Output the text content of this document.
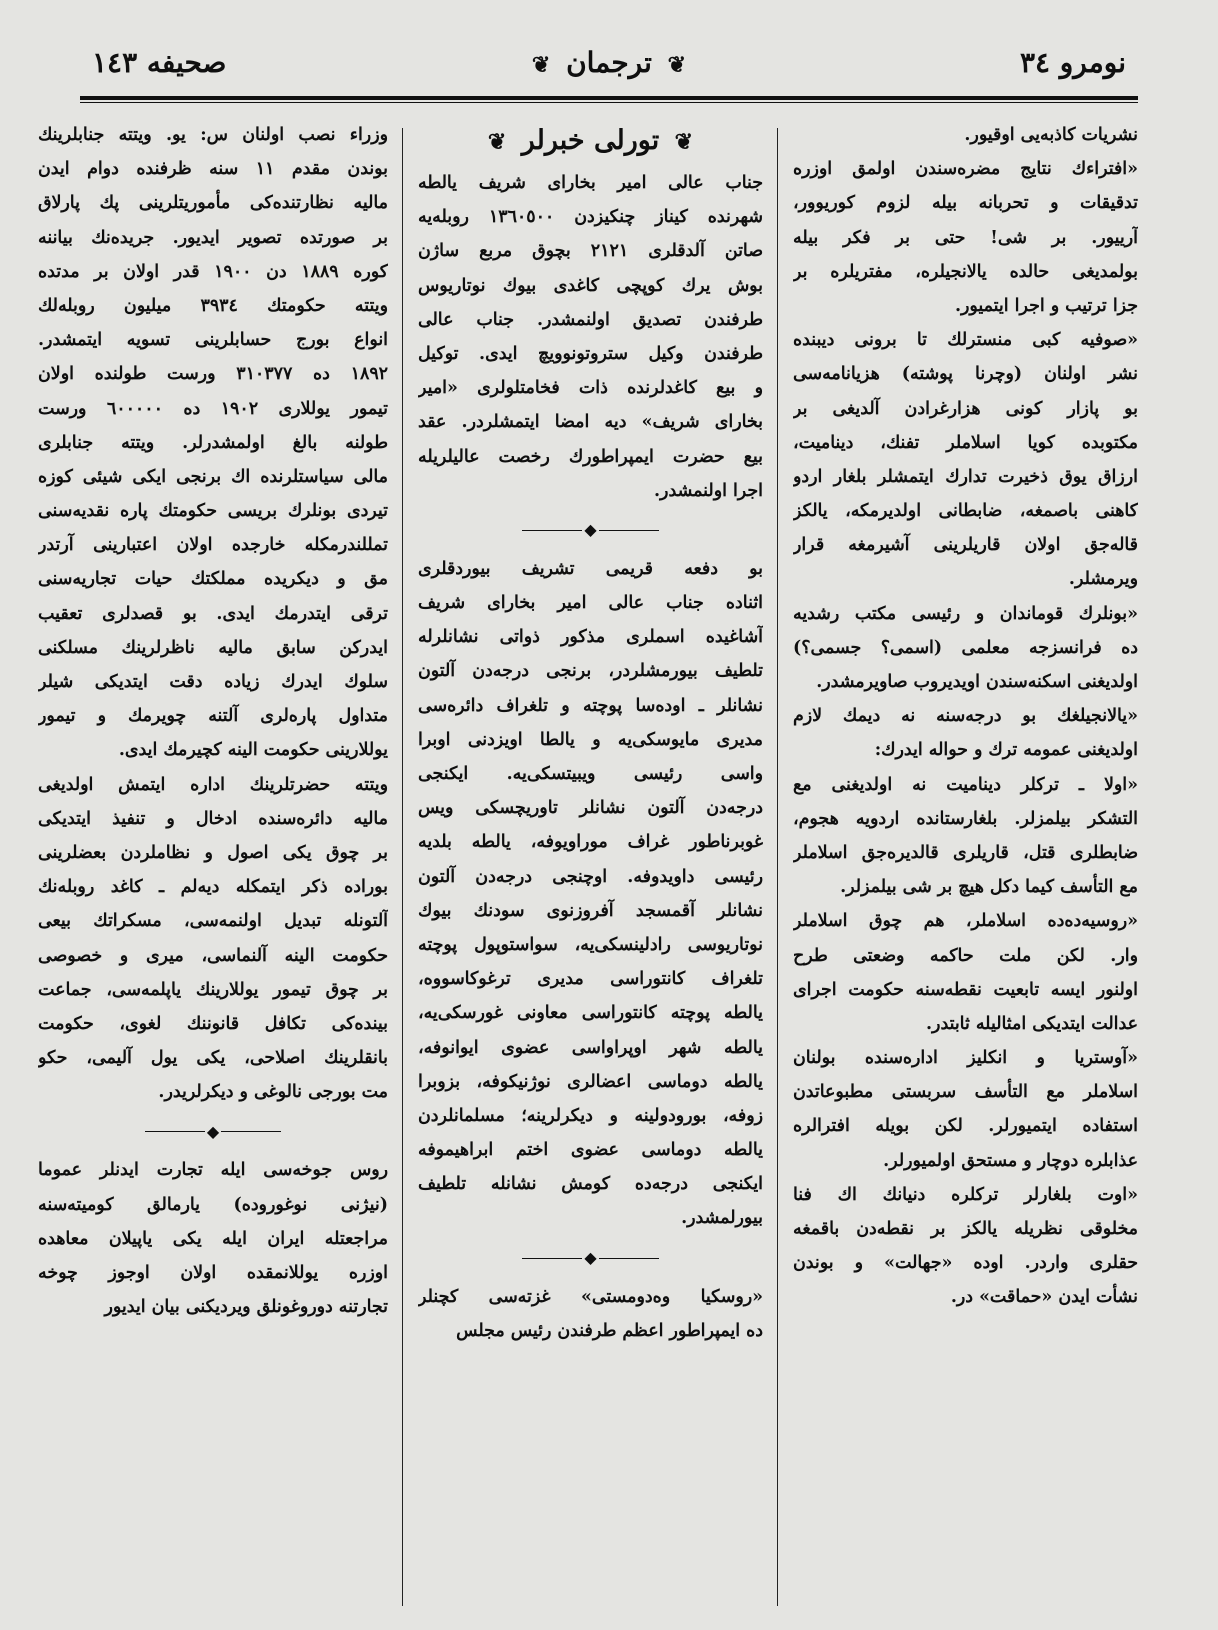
نومرو ٣٤
❦ ترجمان ❦
صحیفه ١٤٣
نشریات كاذبه‌یی اوقیور.
«افتراءك نتایج مضره‌سندن اولمق اوزره
تدقیقات و تحربانه بیله لزوم كوریوور،
آرییور. بر شی! حتی بر فكر بیله
بولمدیغی حالده یالانجیلره، مفتریلره بر
جزا ترتیب و اجرا ایتمیور.
«صوفیه كبی منسترلك تا برونی دیبنده
نشر اولنان (وچرنا پوشته) هزیانامه‌سی
بو پازار كونی هزارغرادن آلدیغی بر
مكتوبده كویا اسلاملر تفنك، دینامیت،
ارزاق یوق ذخیرت تدارك ایتمشلر بلغار اردو
كاهنی باصمغه، ضابطانی اولدیرمكه، یالكز
قاله‌جق اولان قاریلرینی آشیرمغه قرار
ویرمشلر.
«بونلرك قوماندان و رئیسی مكتب رشدیه
ده فرانسزجه معلمی (اسمی؟ جسمی؟)
اولدیغنی اسكنه‌سندن اویدیروب صاویرمشدر.
«یالانجیلغك بو درجه‌سنه نه دیمك لازم
اولدیغنی عمومه ترك و حواله ایدرك:
«اولا ـ تركلر دینامیت نه اولدیغنی مع
التشكر بیلمزلر. بلغارستانده اردویه هجوم،
ضابطلری قتل، قاریلری قالدیره‌جق اسلاملر
مع التأسف كیما دكل هیچ بر شی بیلمزلر.
«روسیه‌ده‌ده اسلاملر، هم چوق اسلاملر
وار. لكن ملت حاكمه وضعتی طرح
اولنور ایسه تابعیت نقطه‌سنه حكومت اجرای
عدالت ایتدیكی امثالیله ثابتدر.
«آوستریا و انكلیز اداره‌سنده بولنان
اسلاملر مع التأسف سربستی مطبوعاتدن
استفاده ایتمیورلر. لكن بویله افترالره
عذابلره دوچار و مستحق اولمیورلر.
«اوت بلغارلر تركلره دنیانك اك فنا
مخلوقی نظریله یالكز بر نقطه‌دن باقمغه
حقلری واردر. اوده «جهالت» و بوندن
نشأت ایدن «حماقت» در.
❦ تورلی خبرلر ❦
جناب عالی امیر بخارای شریف یالطه
شهرنده كیناز چنكیزدن ١٣٦٠٥٠٠ روبله‌یه
صاتن آلدقلری ٢١٢١ بچوق مربع ساژن
بوش یرك كوپچی كاغدی بیوك نوتاریوس
طرفندن تصدیق اولنمشدر. جناب عالی
طرفندن وكیل ستروتونوویچ ایدی. توكیل
و بیع كاغدلرنده ذات فخامتلولری «امیر
بخارای شریف» دیه امضا ایتمشلردر. عقد
بیع حضرت ایمپراطورك رخصت عالیلریله
اجرا اولنمشدر.
◆
بو دفعه قریمی تشریف بیوردقلری
اثناده جناب عالی امیر بخارای شریف
آشاغیده اسملری مذكور ذواتی نشانلرله
تلطیف بیورمشلردر، برنجی درجه‌دن آلتون
نشانلر ـ اوده‌سا پوچته و تلغراف دائره‌سی
مدیری مایوسكی‌یه و یالطا اویزدنی اوبرا
واسی رئیسی ویبیتسكی‌یه. ایكنجی
درجه‌دن آلتون نشانلر تاوریچسكی ویس
غوبرناطور غراف موراویوفه، یالطه بلدیه
رئیسی داویدوفه. اوچنجی درجه‌دن آلتون
نشانلر آقمسجد آفروزنوی سودنك بیوك
نوتاریوسی رادلینسكی‌یه، سواستوپول پوچته
تلغراف كانتوراسی مدیری ترغوكاسووه،
یالطه پوچته كانتوراسی معاونی غورسكی‌یه،
یالطه شهر اوپراواسی عضوی ایوانوفه،
یالطه دوماسی اعضالری نوژنیكوفه، بزوبرا
زوفه، بورودولینه و دیكرلرینه؛ مسلمانلردن
یالطه دوماسی عضوی اختم ابراهیموفه
ایكنجی درجه‌ده كومش نشانله تلطیف
بیورلمشدر.
◆
«روسكیا وه‌دومستی» غزته‌سی كچنلر
ده ایمپراطور اعظم طرفندن رئیس مجلس
وزراء نصب اولنان س: یو. ویتته جنابلرینك
بوندن مقدم ١١ سنه ظرفنده دوام ایدن
مالیه نظارتنده‌كی مأموریتلرینی پك پارلاق
بر صورتده تصویر ایدیور. جریده‌نك بیاننه
كوره ١٨٨٩ دن ١٩٠٠ قدر اولان بر مدتده
ویتته حكومتك ٣٩٣٤ میلیون روبله‌لك
انواع بورج حسابلرینی تسویه ایتمشدر.
١٨٩٢ ده ٣١٠٣٧٧ ورست طولنده اولان
تیمور یوللاری ١٩٠٢ ده ٦٠٠٠٠٠ ورست
طولنه بالغ اولمشدرلر. ویتته جنابلری
مالی سیاستلرنده اك برنجی ایكی شیئی كوزه
تیردی بونلرك بریسی حكومتك پاره نقدیه‌سنی
تمللندرمكله خارجده اولان اعتبارینی آرتدر
مق و دیكریده مملكتك حیات تجاریه‌سنی
ترقی ایتدرمك ایدی. بو قصدلری تعقیب
ایدركن سابق مالیه ناظرلرینك مسلكنی
سلوك ایدرك زیاده دقت ایتدیكی شیلر
متداول پاره‌لری آلتنه چویرمك و تیمور
یوللارینی حكومت الینه كچیرمك ایدی.
ویتته حضرتلرینك اداره ایتمش اولدیغی
مالیه دائره‌سنده ادخال و تنفیذ ایتدیكی
بر چوق یكی اصول و نظاملردن بعضلرینی
بوراده ذكر ایتمكله دیه‌لم ـ كاغد روبله‌نك
آلتونله تبدیل اولنمه‌سی، مسكراتك بیعی
حكومت الینه آلنماسی، میری و خصوصی
بر چوق تیمور یوللارینك یاپلمه‌سی، جماعت
بینده‌كی تكافل قانوننك لغوی، حكومت
بانقلرینك اصلاحی، یكی یول آلیمی، حكو
مت بورجی نالوغی و دیكرلریدر.
◆
روس جوخه‌سی ایله تجارت ایدنلر عموما
(نیژنی نوغوروده) یارمالق كومیته‌سنه
مراجعتله ایران ایله یكی یاپیلان معاهده
اوزره یوللانمقده اولان اوجوز چوخه
تجارتنه دوروغونلق ویردیكنی بیان ایدیور
